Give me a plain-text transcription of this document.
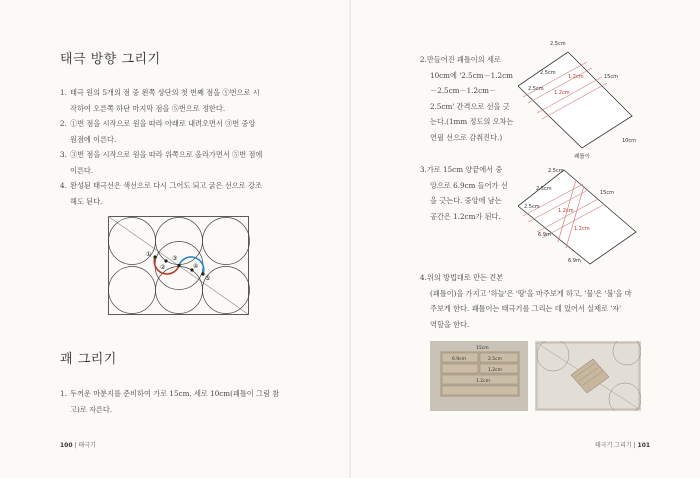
태극 방향 그리기
1. 태극 원의 5개의 점 중 왼쪽 상단의 첫 번째 점을 ①번으로 시
작하여 오른쪽 하단 마지막 점을 ⑤번으로 정한다.
2. ①번 점을 시작으로 원을 따라 아래로 내려오면서 ③번 중앙
원점에 이른다.
3. ③번 점을 시작으로 원을 따라 위쪽으로 올라가면서 ⑤번 점에
이른다.
4. 완성된 태극선은 색선으로 다시 그어도 되고 굵은 선으로 강조
해도 된다.
①
②
③
④
⑤
괘 그리기
1. 두꺼운 마분지를 준비하여 가로 15cm, 세로 10cm(괘틀이 그림 참
고)로 자른다.
100 | 태극기
2.만들어진 괘틀이의 세로
10cm에 '2.5cm－1.2cm
－2.5cm－1.2cm－
2.5cm' 간격으로 선을 긋
는다.(1mm 정도의 오차는
연필 선으로 감춰진다.)
3.가로 15cm 양끝에서 중
앙으로 6.9cm 들어가 선
을 긋는다. 중앙에 남는
공간은 1.2cm가 된다.
4.위의 방법대로 만든 견본
(괘틀이)을 가지고 '하늘'은 '땅'을 마주보게 하고, '물'은 '불'을 마
주보게 한다. 괘틀이는 태극기를 그리는 데 있어서 실제로 '자'
역할을 한다.
2.5cm
2.5cm
2.5cm
1.2cm
1.2cm
15cm
10cm
괘틀이
2.5cm
2.5cm
2.5cm
1.2cm
1.2cm
15cm
6.9m
6.9m
15cm
6.9cm	2.5cm
1.2cm
1.2cm
태극기 그리기 | 101
